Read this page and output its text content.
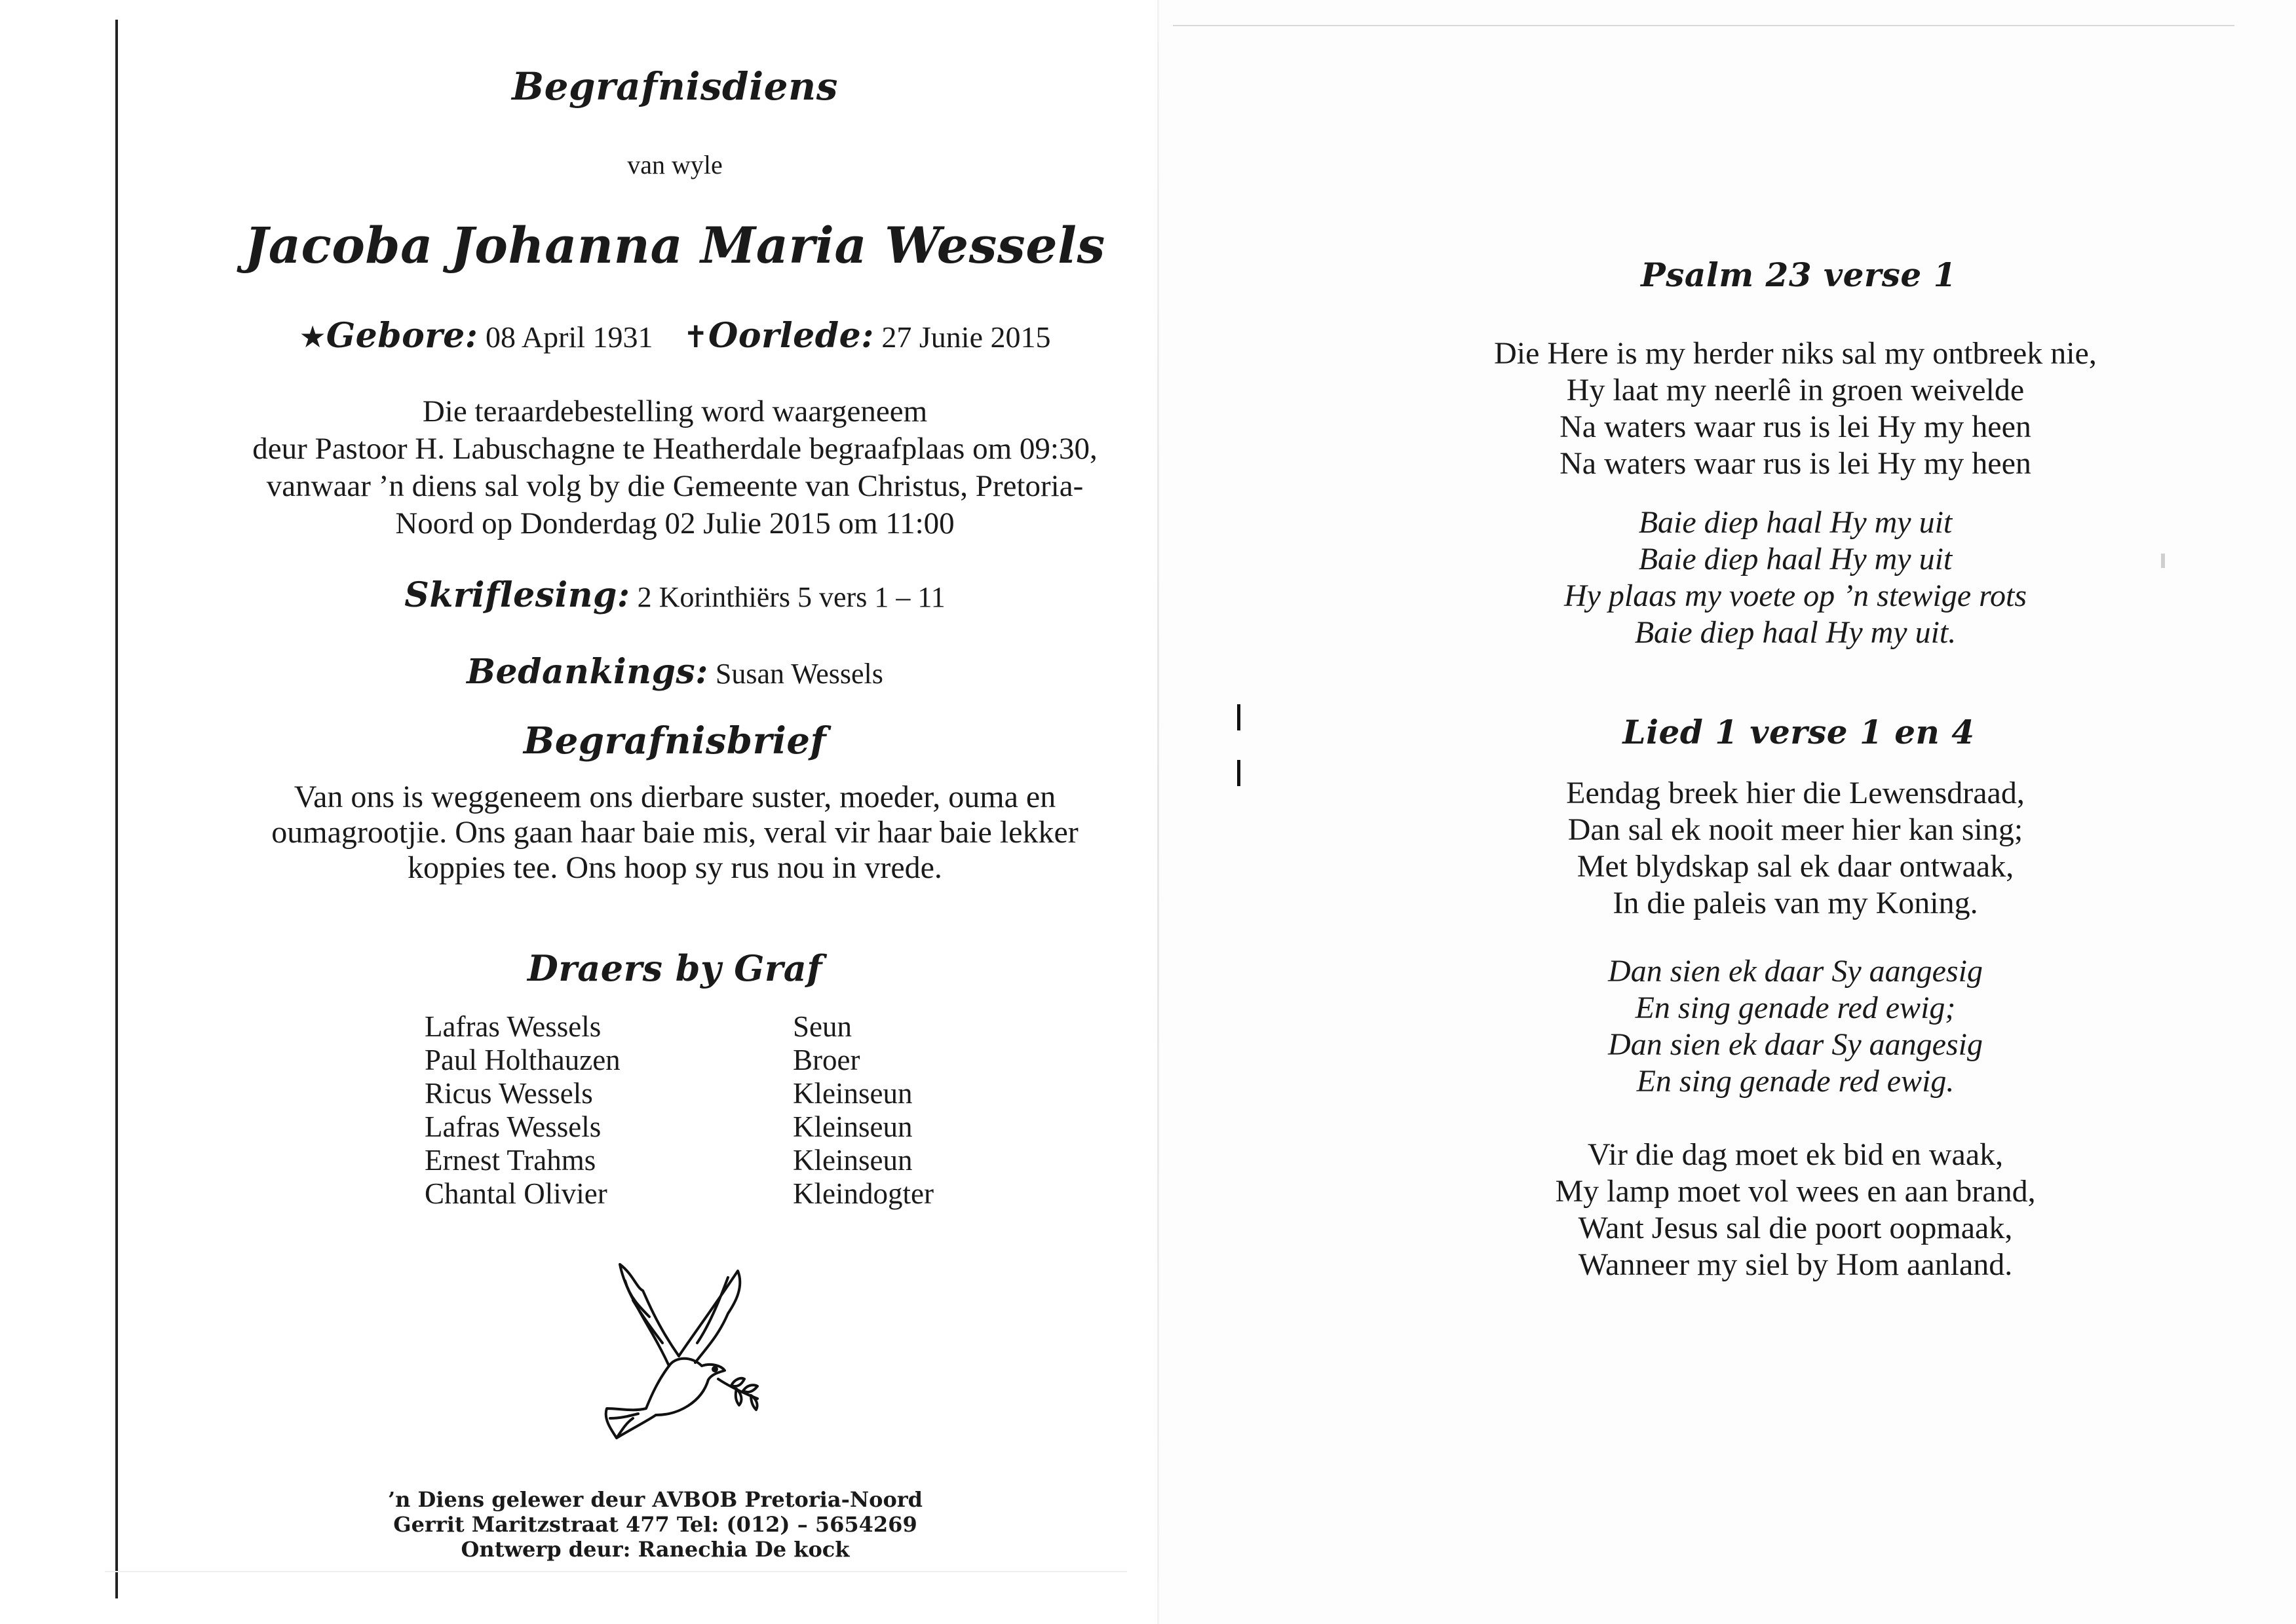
Begrafnisdiens
van wyle
Jacoba Johanna Maria Wessels
★Gebore: 08 April 1931 ✝Oorlede: 27 Junie 2015
Die teraardebestelling word waargeneem
deur Pastoor H. Labuschagne te Heatherdale begraafplaas om 09:30,
vanwaar ’n diens sal volg by die Gemeente van Christus, Pretoria-
Noord op Donderdag 02 Julie 2015 om 11:00
Skriflesing: 2 Korinthiërs 5 vers 1 – 11
Bedankings: Susan Wessels
Begrafnisbrief
Van ons is weggeneem ons dierbare suster, moeder, ouma en
oumagrootjie. Ons gaan haar baie mis, veral vir haar baie lekker
koppies tee. Ons hoop sy rus nou in vrede.
Draers by Graf
Lafras Wessels	Seun
Paul Holthauzen	Broer
Ricus Wessels	Kleinseun
Lafras Wessels	Kleinseun
Ernest Trahms	Kleinseun
Chantal Olivier	Kleindogter
’n Diens gelewer deur AVBOB Pretoria-Noord
Gerrit Maritzstraat 477 Tel: (012) – 5654269
Ontwerp deur: Ranechia De kock
Psalm 23 verse 1
Die Here is my herder niks sal my ontbreek nie,
Hy laat my neerlê in groen weivelde
Na waters waar rus is lei Hy my heen
Na waters waar rus is lei Hy my heen
Baie diep haal Hy my uit
Baie diep haal Hy my uit
Hy plaas my voete op ’n stewige rots
Baie diep haal Hy my uit.
Lied 1 verse 1 en 4
Eendag breek hier die Lewensdraad,
Dan sal ek nooit meer hier kan sing;
Met blydskap sal ek daar ontwaak,
In die paleis van my Koning.
Dan sien ek daar Sy aangesig
En sing genade red ewig;
Dan sien ek daar Sy aangesig
En sing genade red ewig.
Vir die dag moet ek bid en waak,
My lamp moet vol wees en aan brand,
Want Jesus sal die poort oopmaak,
Wanneer my siel by Hom aanland.
